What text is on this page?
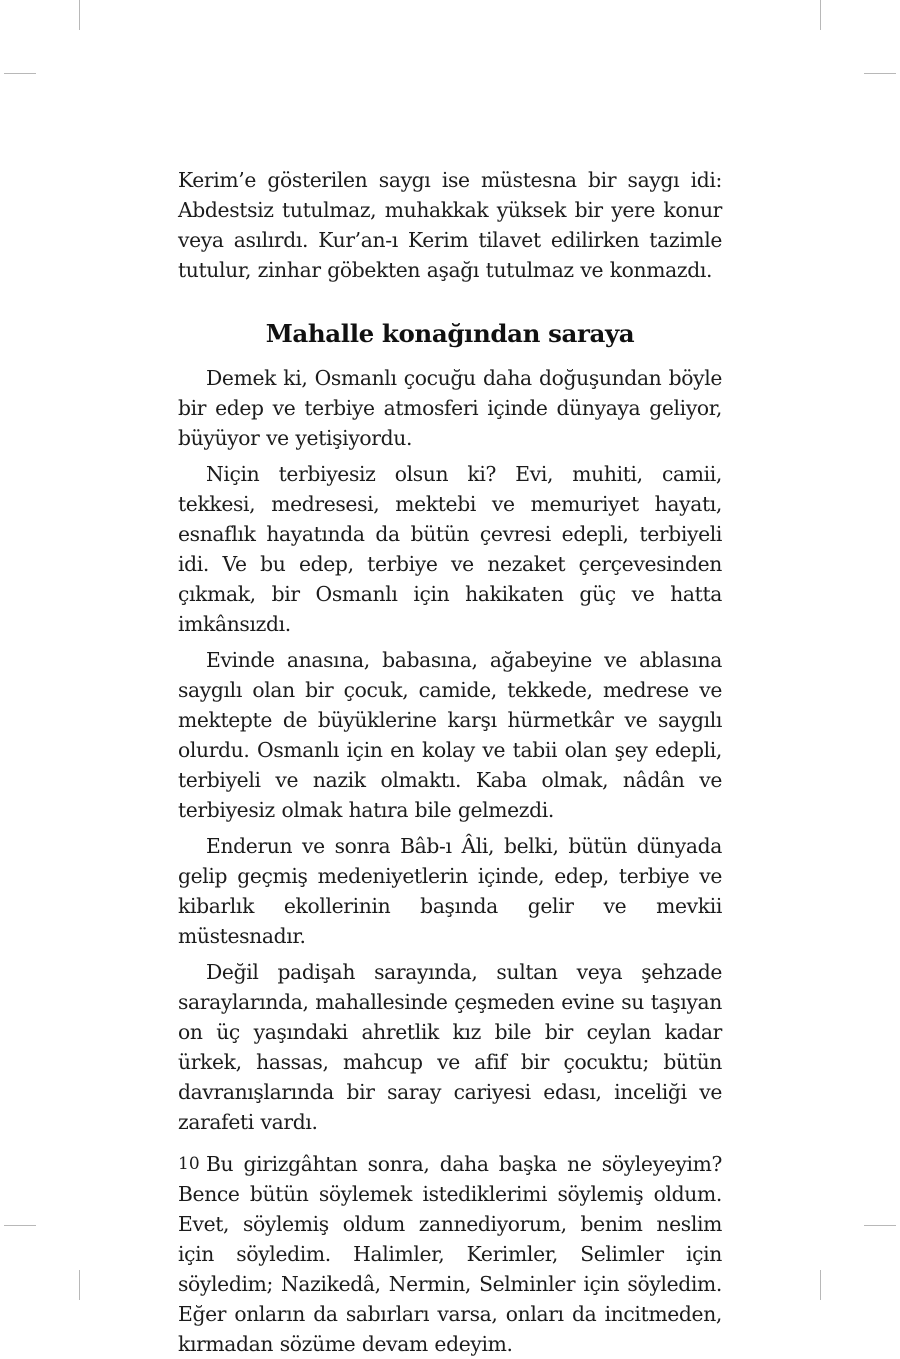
Kerim’e gösterilen saygı ise müstesna bir saygı idi: Abdestsiz tutulmaz, muhakkak yüksek bir yere konur veya asılırdı. Kur’an-ı Kerim tilavet edilirken tazimle tutulur, zinhar göbekten aşağı tutulmaz ve konmazdı.

Mahalle konağından saraya

Demek ki, Osmanlı çocuğu daha doğuşundan böyle bir edep ve terbiye atmosferi içinde dünyaya geliyor, büyüyor ve yetişiyordu.

Niçin terbiyesiz olsun ki? Evi, muhiti, camii, tekkesi, medresesi, mektebi ve memuriyet hayatı, esnaflık hayatında da bütün çevresi edepli, terbiyeli idi. Ve bu edep, terbiye ve nezaket çerçevesinden çıkmak, bir Osmanlı için hakikaten güç ve hatta imkânsızdı.

Evinde anasına, babasına, ağabeyine ve ablasına saygılı olan bir çocuk, camide, tekkede, medrese ve mektepte de büyüklerine karşı hürmetkâr ve saygılı olurdu. Osmanlı için en kolay ve tabii olan şey edepli, terbiyeli ve nazik olmaktı. Kaba olmak, nâdân ve terbiyesiz olmak hatıra bile gelmezdi.

Enderun ve sonra Bâb-ı Âli, belki, bütün dünyada gelip geçmiş medeniyetlerin içinde, edep, terbiye ve kibarlık ekollerinin başında gelir ve mevkii müstesnadır.

Değil padişah sarayında, sultan veya şehzade saraylarında, mahallesinde çeşmeden evine su taşıyan on üç yaşındaki ahretlik kız bile bir ceylan kadar ürkek, hassas, mahcup ve afif bir çocuktu; bütün davranışlarında bir saray cariyesi edası, inceliği ve zarafeti vardı.

Bu girizgâhtan sonra, daha başka ne söyleyeyim? Bence bütün söylemek istediklerimi söylemiş oldum. Evet, söylemiş oldum zannediyorum, benim neslim için söyledim. Halimler, Kerimler, Selimler için söyledim; Nazikedâ, Nermin, Selminler için söyledim. Eğer onların da sabırları varsa, onları da incitmeden, kırmadan sözüme devam edeyim.

10
